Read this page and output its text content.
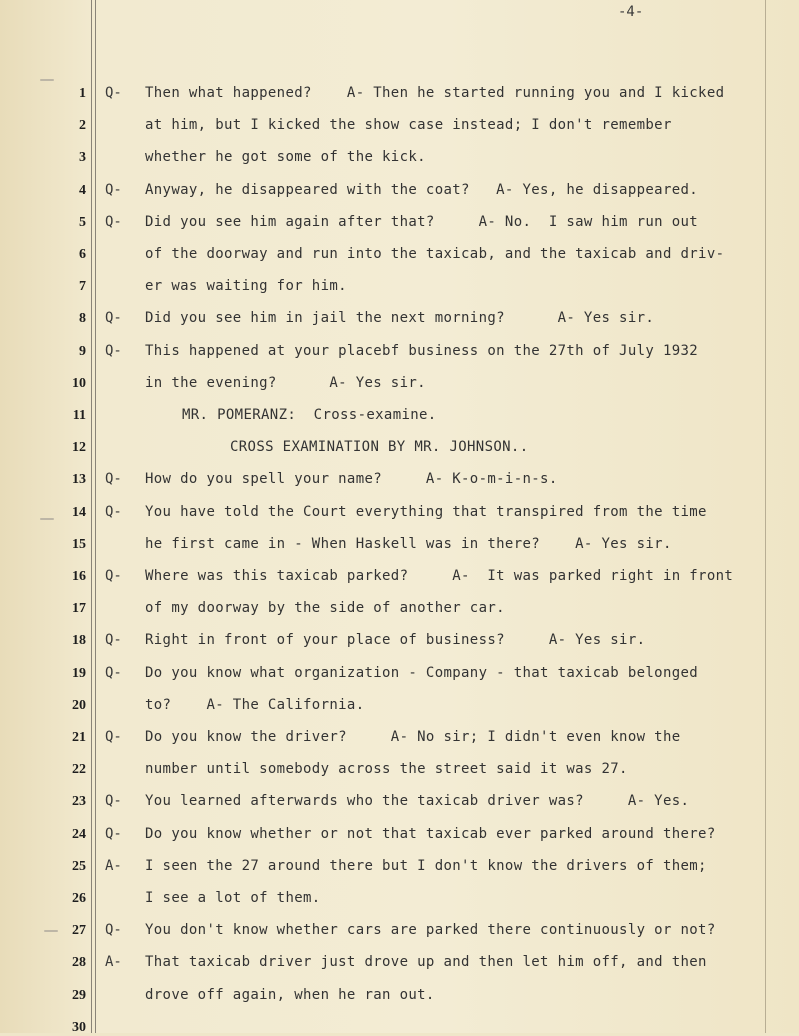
-4-
1 Q- Then what happened?    A- Then he started running you and I kicked
2	at him, but I kicked the show case instead; I don't remember
3	whether he got some of the kick.
4 Q- Anyway, he disappeared with the coat?   A- Yes, he disappeared.
5 Q- Did you see him again after that?     A- No.  I saw him run out
6	of the doorway and run into the taxicab, and the taxicab and driv-
7	er was waiting for him.
8 Q- Did you see him in jail the next morning?      A- Yes sir.
9 Q- This happened at your placebf business on the 27th of July 1932
10	in the evening?      A- Yes sir.
11	MR. POMERANZ:  Cross-examine.
12	CROSS EXAMINATION BY MR. JOHNSON..
13 Q- How do you spell your name?     A- K-o-m-i-n-s.
14 Q- You have told the Court everything that transpired from the time
15	he first came in - When Haskell was in there?    A- Yes sir.
16 Q- Where was this taxicab parked?     A-  It was parked right in front
17	of my doorway by the side of another car.
18 Q- Right in front of your place of business?     A- Yes sir.
19 Q- Do you know what organization - Company - that taxicab belonged
20	to?    A- The California.
21 Q- Do you know the driver?     A- No sir; I didn't even know the
22	number until somebody across the street said it was 27.
23 Q- You learned afterwards who the taxicab driver was?     A- Yes.
24 Q- Do you know whether or not that taxicab ever parked around there?
25 A- I seen the 27 around there but I don't know the drivers of them;
26	I see a lot of them.
27 Q- You don't know whether cars are parked there continuously or not?
28 A- That taxicab driver just drove up and then let him off, and then
29	drove off again, when he ran out.
30
